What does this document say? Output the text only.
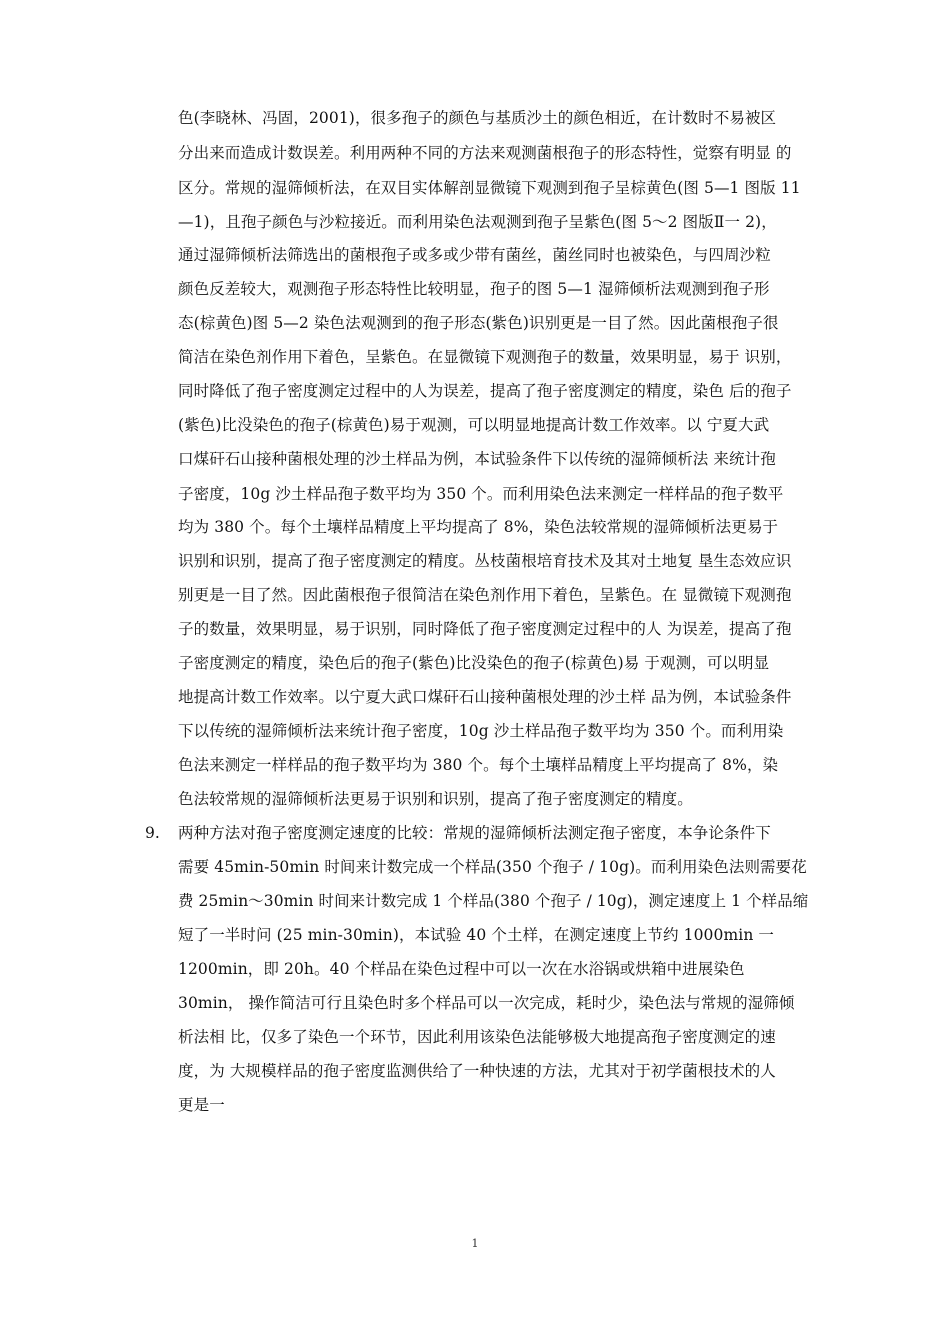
色(李晓林、冯固，2001)，很多孢子的颜色与基质沙土的颜色相近，在计数时不易被区
分出来而造成计数误差。利用两种不同的方法来观测菌根孢子的形态特性，觉察有明显 的
区分。常规的湿筛倾析法，在双目实体解剖显微镜下观测到孢子呈棕黄色(图 5—1 图版 11
—1)，且孢子颜色与沙粒接近。而利用染色法观测到孢子呈紫色(图 5～2 图版Ⅱ一 2)，
通过湿筛倾析法筛选出的菌根孢子或多或少带有菌丝，菌丝同时也被染色，与四周沙粒
颜色反差较大，观测孢子形态特性比较明显，孢子的图 5—1 湿筛倾析法观测到孢子形
态(棕黄色)图 5—2 染色法观测到的孢子形态(紫色)识别更是一目了然。因此菌根孢子很
简洁在染色剂作用下着色，呈紫色。在显微镜下观测孢子的数量，效果明显，易于 识别，
同时降低了孢子密度测定过程中的人为误差，提高了孢子密度测定的精度，染色 后的孢子
(紫色)比没染色的孢子(棕黄色)易于观测，可以明显地提高计数工作效率。以 宁夏大武
口煤矸石山接种菌根处理的沙土样品为例，本试验条件下以传统的湿筛倾析法 来统计孢
子密度，10g 沙土样品孢子数平均为 350 个。而利用染色法来测定一样样品的孢子数平
均为 380 个。每个土壤样品精度上平均提高了 8%，染色法较常规的湿筛倾析法更易于
识别和识别，提高了孢子密度测定的精度。丛枝菌根培育技术及其对土地复 垦生态效应识
别更是一目了然。因此菌根孢子很简洁在染色剂作用下着色，呈紫色。在 显微镜下观测孢
子的数量，效果明显，易于识别，同时降低了孢子密度测定过程中的人 为误差，提高了孢
子密度测定的精度，染色后的孢子(紫色)比没染色的孢子(棕黄色)易 于观测，可以明显
地提高计数工作效率。以宁夏大武口煤矸石山接种菌根处理的沙土样 品为例，本试验条件
下以传统的湿筛倾析法来统计孢子密度，10g 沙土样品孢子数平均为 350 个。而利用染
色法来测定一样样品的孢子数平均为 380 个。每个土壤样品精度上平均提高了 8%，染
色法较常规的湿筛倾析法更易于识别和识别，提高了孢子密度测定的精度。
9. 两种方法对孢子密度测定速度的比较：常规的湿筛倾析法测定孢子密度，本争论条件下
需要 45min-50min 时间来计数完成一个样品(350 个孢子 / 10g)。而利用染色法则需要花
费 25min～30min 时间来计数完成 1 个样品(380 个孢子 / 10g)，测定速度上 1 个样品缩
短了一半时问 (25 min-30min)，本试验 40 个土样，在测定速度上节约 1000min 一
1200min，即 20h。40 个样品在染色过程中可以一次在水浴锅或烘箱中进展染色
30min， 操作简洁可行且染色时多个样品可以一次完成，耗时少，染色法与常规的湿筛倾
析法相 比，仅多了染色一个环节，因此利用该染色法能够极大地提高孢子密度测定的速
度，为 大规模样品的孢子密度监测供给了一种快速的方法，尤其对于初学菌根技术的人
更是一
1
